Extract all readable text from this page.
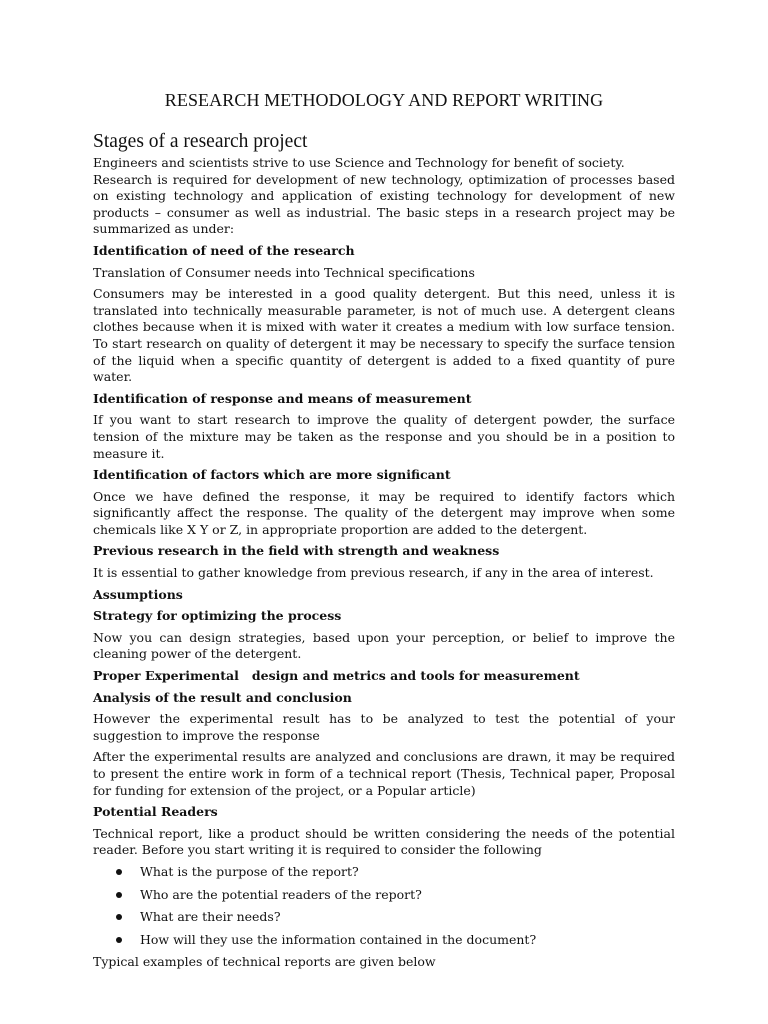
RESEARCH METHODOLOGY AND REPORT WRITING
Stages of a research project

Engineers and scientists strive to use Science and Technology for benefit of society.

Research is required for development of new technology, optimization of processes based on existing technology and application of existing technology for development of new products – consumer as well as industrial. The basic steps in a research project may be summarized as under:

Identification of need of the research

Translation of Consumer needs into Technical specifications

Consumers may be interested in a good quality detergent. But this need, unless it is translated into technically measurable parameter, is not of much use. A detergent cleans clothes because when it is mixed with water it creates a medium with low surface tension. To start research on quality of detergent it may be necessary to specify the surface tension of the liquid when a specific quantity of detergent is added to a fixed quantity of pure water.

Identification of response and means of measurement

If you want to start research to improve the quality of detergent powder, the surface tension of the mixture may be taken as the response and you should be in a position to measure it.

Identification of factors which are more significant

Once we have defined the response, it may be required to identify factors which significantly affect the response. The quality of the detergent may improve when some chemicals like X Y or Z, in appropriate proportion are added to the detergent.

Previous research in the field with strength and weakness

It is essential to gather knowledge from previous research, if any in the area of interest.

Assumptions
Strategy for optimizing the process

Now you can design strategies, based upon your perception, or belief to improve the cleaning power of the detergent.

Proper Experimental   design and metrics and tools for measurement
Analysis of the result and conclusion

However the experimental result has to be analyzed to test the potential of your suggestion to improve the response

After the experimental results are analyzed and conclusions are drawn, it may be required to present the entire work in form of a technical report (Thesis, Technical paper, Proposal for funding for extension of the project, or a Popular article)

Potential Readers

Technical report, like a product should be written considering the needs of the potential reader. Before you start writing it is required to consider the following

What is the purpose of the report?
Who are the potential readers of the report?
What are their needs?
How will they use the information contained in the document?

Typical examples of technical reports are given below
